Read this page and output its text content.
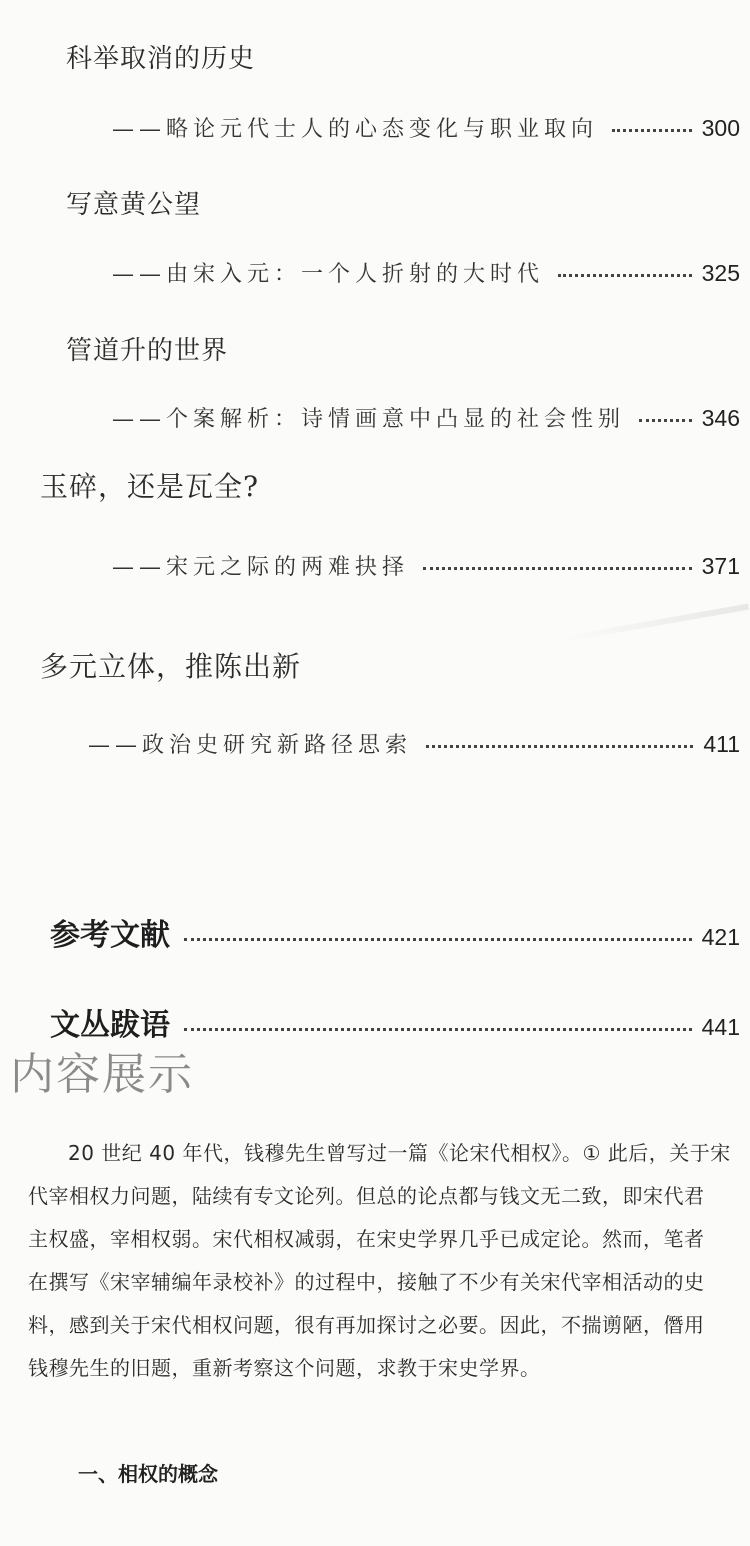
科举取消的历史
——略论元代士人的心态变化与职业取向	300
写意黄公望
——由宋入元：一个人折射的大时代	325
管道升的世界
——个案解析：诗情画意中凸显的社会性别	346
玉碎，还是瓦全?
——宋元之际的两难抉择	371
多元立体，推陈出新
——政治史研究新路径思索	411
参考文献	421
文丛跋语	441
内容展示

20 世纪 40 年代，钱穆先生曾写过一篇《论宋代相权》。① 此后，关于宋

代宰相权力问题，陆续有专文论列。但总的论点都与钱文无二致，即宋代君

主权盛，宰相权弱。宋代相权减弱，在宋史学界几乎已成定论。然而，笔者

在撰写《宋宰辅编年录校补》的过程中，接触了不少有关宋代宰相活动的史

料，感到关于宋代相权问题，很有再加探讨之必要。因此，不揣谫陋，僭用

钱穆先生的旧题，重新考察这个问题，求教于宋史学界。

一、相权的概念
